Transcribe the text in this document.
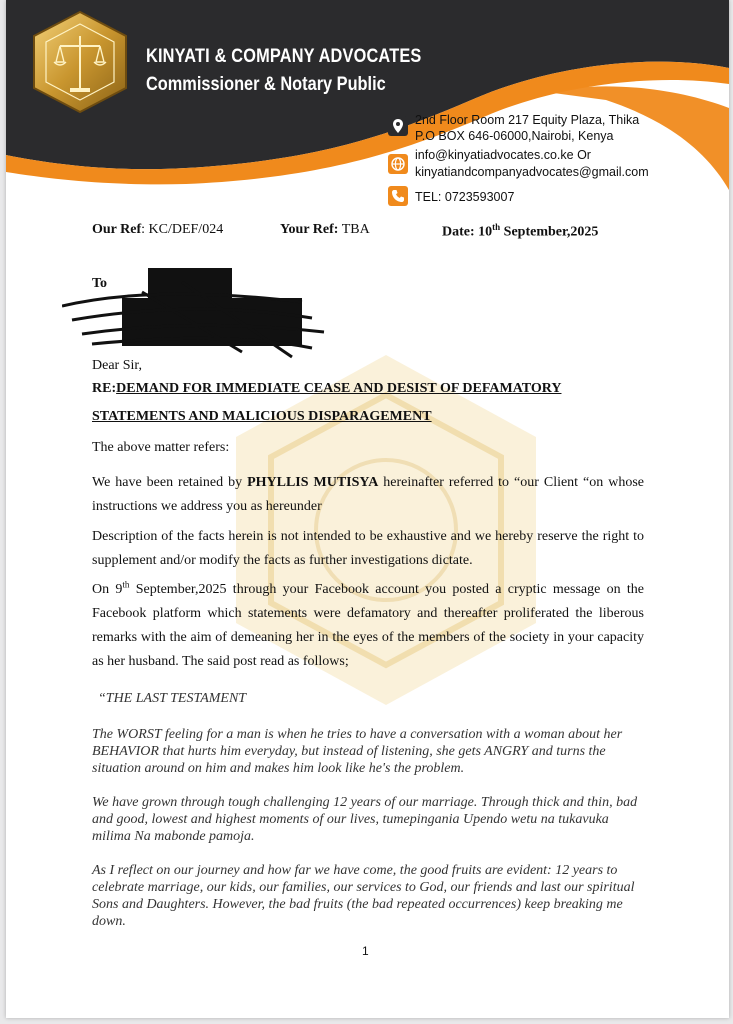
KINYATI & COMPANY ADVOCATES
Commissioner & Notary Public
2nd Floor Room 217 Equity Plaza, Thika
P.O BOX 646-06000,Nairobi, Kenya
info@kinyatiadvocates.co.ke Or
kinyatiandcompanyadvocates@gmail.com
TEL: 0723593007
Our Ref: KC/DEF/024	Your Ref: TBA	Date: 10th September,2025
To
Dear Sir,
RE:DEMAND FOR IMMEDIATE CEASE AND DESIST OF DEFAMATORY
STATEMENTS AND MALICIOUS DISPARAGEMENT
The above matter refers:
We have been retained by PHYLLIS MUTISYA hereinafter referred to “our Client “on whose instructions we address you as hereunder
Description of the facts herein is not intended to be exhaustive and we hereby reserve the right to supplement and/or modify the facts as further investigations dictate.
On 9th September,2025 through your Facebook account you posted a cryptic message on the Facebook platform which statements were defamatory and thereafter proliferated the liberous remarks with the aim of demeaning her in the eyes of the members of the society in your capacity as her husband. The said post read as follows;
“THE LAST TESTAMENT
The WORST feeling for a man is when he tries to have a conversation with a woman about her BEHAVIOR that hurts him everyday, but instead of listening, she gets ANGRY and turns the situation around on him and makes him look like he's the problem.
We have grown through tough challenging 12 years of our marriage. Through thick and thin, bad and good, lowest and highest moments of our lives, tumepingania Upendo wetu na tukavuka milima Na mabonde pamoja.
As I reflect on our journey and how far we have come, the good fruits are evident: 12 years to celebrate marriage, our kids, our families, our services to God, our friends and last our spiritual Sons and Daughters. However, the bad fruits (the bad repeated occurrences) keep breaking me down.
1
